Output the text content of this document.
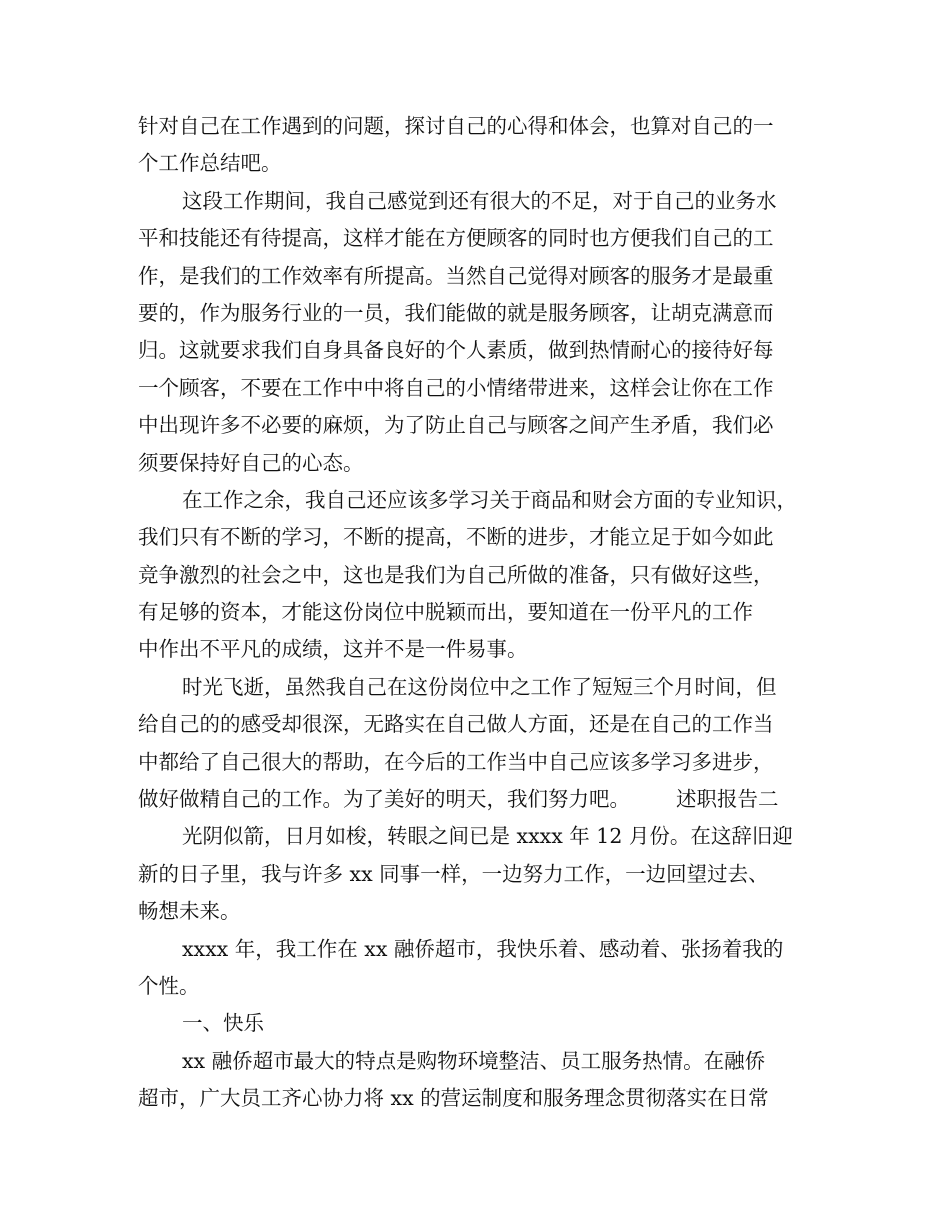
针对自己在工作遇到的问题，探讨自己的心得和体会，也算对自己的一
个工作总结吧。
这段工作期间，我自己感觉到还有很大的不足，对于自己的业务水
平和技能还有待提高，这样才能在方便顾客的同时也方便我们自己的工
作，是我们的工作效率有所提高。当然自己觉得对顾客的服务才是最重
要的，作为服务行业的一员，我们能做的就是服务顾客，让胡克满意而
归。这就要求我们自身具备良好的个人素质，做到热情耐心的接待好每
一个顾客，不要在工作中中将自己的小情绪带进来，这样会让你在工作
中出现许多不必要的麻烦，为了防止自己与顾客之间产生矛盾，我们必
须要保持好自己的心态。
在工作之余，我自己还应该多学习关于商品和财会方面的专业知识，
我们只有不断的学习，不断的提高，不断的进步，才能立足于如今如此
竞争激烈的社会之中，这也是我们为自己所做的准备，只有做好这些，
有足够的资本，才能这份岗位中脱颖而出，要知道在一份平凡的工作
中作出不平凡的成绩，这并不是一件易事。
时光飞逝，虽然我自己在这份岗位中之工作了短短三个月时间，但
给自己的的感受却很深，无路实在自己做人方面，还是在自己的工作当
中都给了自己很大的帮助，在今后的工作当中自己应该多学习多进步，
做好做精自己的工作。为了美好的明天，我们努力吧。 述职报告二
光阴似箭，日月如梭，转眼之间已是 xxxx 年 12 月份。在这辞旧迎
新的日子里，我与许多 xx 同事一样，一边努力工作，一边回望过去、
畅想未来。
xxxx 年，我工作在 xx 融侨超市，我快乐着、感动着、张扬着我的
个性。
一、快乐
xx 融侨超市最大的特点是购物环境整洁、员工服务热情。在融侨
超市，广大员工齐心协力将 xx 的营运制度和服务理念贯彻落实在日常
